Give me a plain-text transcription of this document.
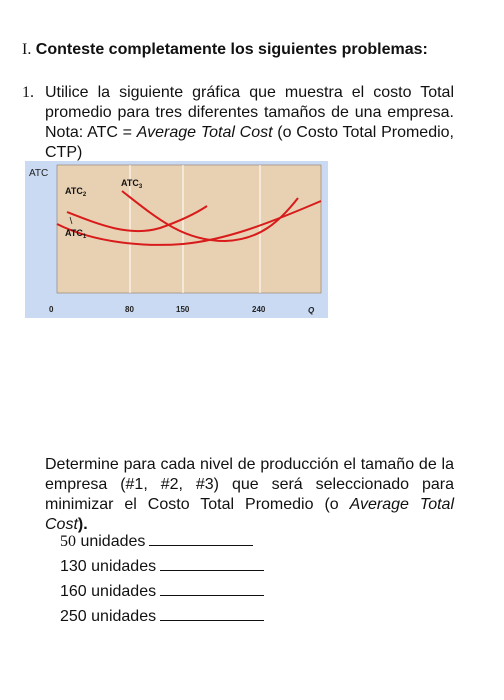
I. Conteste completamente los siguientes problemas:
1. Utilice la siguiente gráfica que muestra el costo Total promedio para tres diferentes tamaños de una empresa. Nota: ATC = Average Total Cost (o Costo Total Promedio, CTP)
ATC
0	80	150	240	Q
$ATC_2$
$ATC_3$
$ATC_1$
Determine para cada nivel de producción el tamaño de la empresa (#1, #2, #3) que será seleccionado para minimizar el Costo Total Promedio (o Average Total Cost).
50 unidades
130 unidades
160 unidades
250 unidades
